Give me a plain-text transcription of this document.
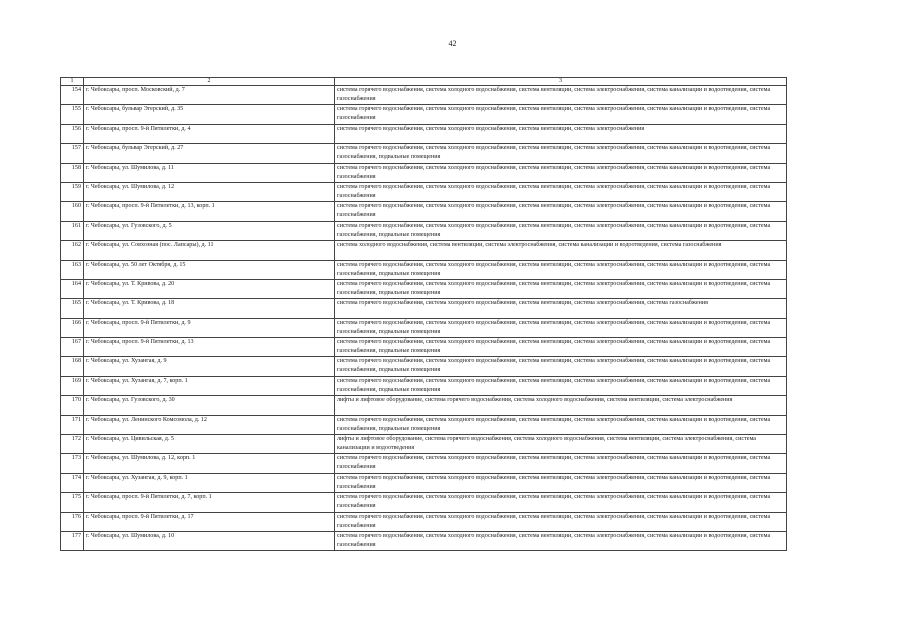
42
1	2	3
154	г. Чебоксары, просп. Московский, д. 7	система горячего водоснабжения, система холодного водоснабжения, система вентиляции, система электроснабжения, система канализации и водоотведения, система газоснабжения
155	г. Чебоксары, бульвар Эгерский, д. 35	система горячего водоснабжения, система холодного водоснабжения, система вентиляции, система электроснабжения, система канализации и водоотведения, система газоснабжения
156	г. Чебоксары, просп. 9-й Пятилетки, д. 4	система горячего водоснабжения, система холодного водоснабжения, система вентиляции, система электроснабжения
157	г. Чебоксары, бульвар Эгерский, д. 27	система горячего водоснабжения, система холодного водоснабжения, система вентиляции, система электроснабжения, система канализации и водоотведения, система газоснабжения, подвальные помещения
158	г. Чебоксары, ул. Шумилова, д. 11	система горячего водоснабжения, система холодного водоснабжения, система вентиляции, система электроснабжения, система канализации и водоотведения, система газоснабжения
159	г. Чебоксары, ул. Шумилова, д. 12	система горячего водоснабжения, система холодного водоснабжения, система вентиляции, система электроснабжения, система канализации и водоотведения, система газоснабжения
160	г. Чебоксары, просп. 9-й Пятилетки, д. 13, корп. 1	система горячего водоснабжения, система холодного водоснабжения, система вентиляции, система электроснабжения, система канализации и водоотведения, система газоснабжения
161	г. Чебоксары, ул. Гузовского, д. 5	система горячего водоснабжения, система холодного водоснабжения, система вентиляции, система электроснабжения, система канализации и водоотведения, система газоснабжения, подвальные помещения
162	г. Чебоксары, ул. Совхозная (пос. Лапсары), д. 11	система холодного водоснабжения, система вентиляции, система электроснабжения, система канализации и водоотведения, система газоснабжения
163	г. Чебоксары, ул. 50 лет Октября, д. 15	система горячего водоснабжения, система холодного водоснабжения, система вентиляции, система электроснабжения, система канализации и водоотведения, система газоснабжения, подвальные помещения
164	г. Чебоксары, ул. Т. Кривова, д. 20	система горячего водоснабжения, система холодного водоснабжения, система вентиляции, система электроснабжения, система канализации и водоотведения, система газоснабжения, подвальные помещения
165	г. Чебоксары, ул. Т. Кривова, д. 18	система горячего водоснабжения, система холодного водоснабжения, система вентиляции, система электроснабжения, система газоснабжения
166	г. Чебоксары, просп. 9-й Пятилетки, д. 9	система горячего водоснабжения, система холодного водоснабжения, система вентиляции, система электроснабжения, система канализации и водоотведения, система газоснабжения, подвальные помещения
167	г. Чебоксары, просп. 9-й Пятилетки, д. 13	система горячего водоснабжения, система холодного водоснабжения, система вентиляции, система электроснабжения, система канализации и водоотведения, система газоснабжения, подвальные помещения
168	г. Чебоксары, ул. Хузангая, д. 9	система горячего водоснабжения, система холодного водоснабжения, система вентиляции, система электроснабжения, система канализации и водоотведения, система газоснабжения, подвальные помещения
169	г. Чебоксары, ул. Хузангая, д. 7, корп. 1	система горячего водоснабжения, система холодного водоснабжения, система вентиляции, система электроснабжения, система канализации и водоотведения, система газоснабжения, подвальные помещения
170	г. Чебоксары, ул. Гузовского, д. 30	лифты и лифтовое оборудование, система горячего водоснабжения, система холодного водоснабжения, система вентиляции, система электроснабжения
171	г. Чебоксары, ул. Ленинского Комсомола, д. 12	система горячего водоснабжения, система холодного водоснабжения, система вентиляции, система электроснабжения, система канализации и водоотведения, система газоснабжения, подвальные помещения
172	г. Чебоксары, ул. Цивильская, д. 5	лифты и лифтовое оборудование, система горячего водоснабжения, система холодного водоснабжения, система вентиляции, система электроснабжения, система канализации и водоотведения
173	г. Чебоксары, ул. Шумилова, д. 12, корп. 1	система горячего водоснабжения, система холодного водоснабжения, система вентиляции, система электроснабжения, система канализации и водоотведения, система газоснабжения
174	г. Чебоксары, ул. Хузангая, д. 9, корп. 1	система горячего водоснабжения, система холодного водоснабжения, система вентиляции, система электроснабжения, система канализации и водоотведения, система газоснабжения
175	г. Чебоксары, просп. 9-й Пятилетки, д. 7, корп. 1	система горячего водоснабжения, система холодного водоснабжения, система вентиляции, система электроснабжения, система канализации и водоотведения, система газоснабжения
176	г. Чебоксары, просп. 9-й Пятилетки, д. 17	система горячего водоснабжения, система холодного водоснабжения, система вентиляции, система электроснабжения, система канализации и водоотведения, система газоснабжения
177	г. Чебоксары, ул. Шумилова, д. 10	система горячего водоснабжения, система холодного водоснабжения, система вентиляции, система электроснабжения, система канализации и водоотведения, система газоснабжения
